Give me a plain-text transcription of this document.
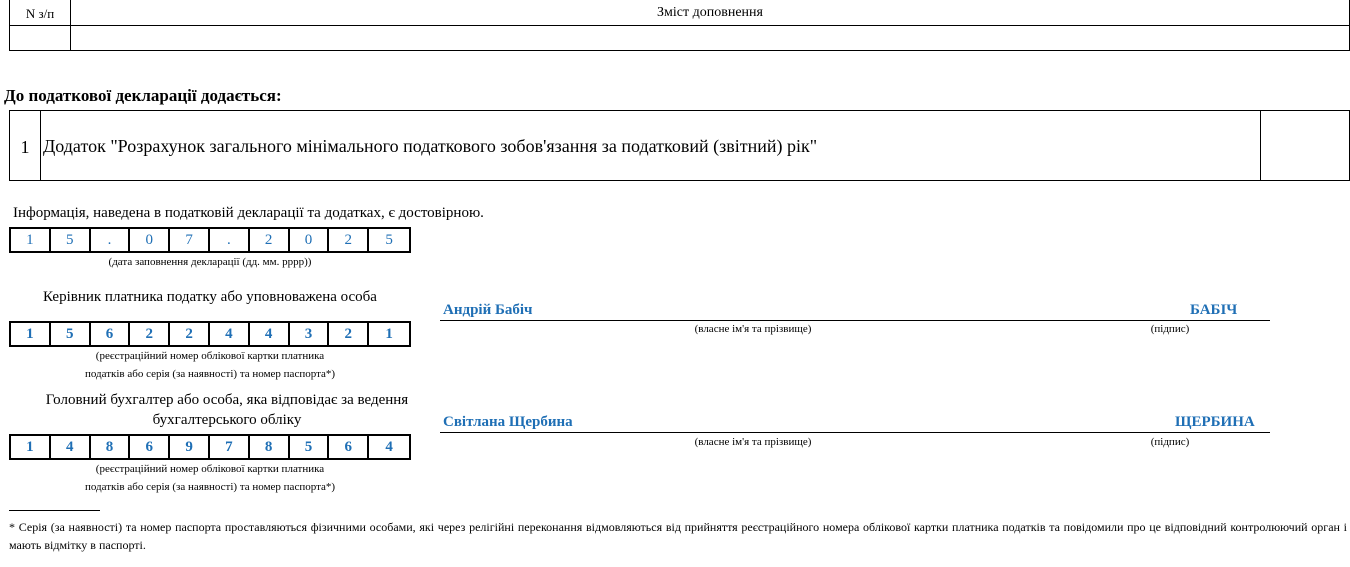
N з/п	Зміст доповнення
До податкової декларації додається:
1 Додаток "Розрахунок загального мінімального податкового зобов'язання за податковий (звітний) рік"
Інформація, наведена в податковій декларації та додатках, є достовірною.
1	5	.	0	7	.	2	0	2	5
(дата заповнення декларації (дд. мм. рррр))
Керівник платника податку або уповноважена особа
1	5	6	2	2	4	4	3	2	1
(реєстраційний номер облікової картки платника
податків або серія (за наявності) та номер паспорта*)
Андрій Бабіч	БАБІЧ
(власне ім'я та прізвище)	(підпис)
Головний бухгалтер або особа, яка відповідає за ведення
бухгалтерського обліку
1	4	8	6	9	7	8	5	6	4
(реєстраційний номер облікової картки платника
податків або серія (за наявності) та номер паспорта*)
Світлана Щербина	ЩЕРБИНА
(власне ім'я та прізвище)	(підпис)
* Серія (за наявності) та номер паспорта проставляються фізичними особами, які через релігійні переконання відмовляються від прийняття реєстраційного номера облікової картки платника податків та повідомили про це відповідний контролюючий орган і мають відмітку в паспорті.
